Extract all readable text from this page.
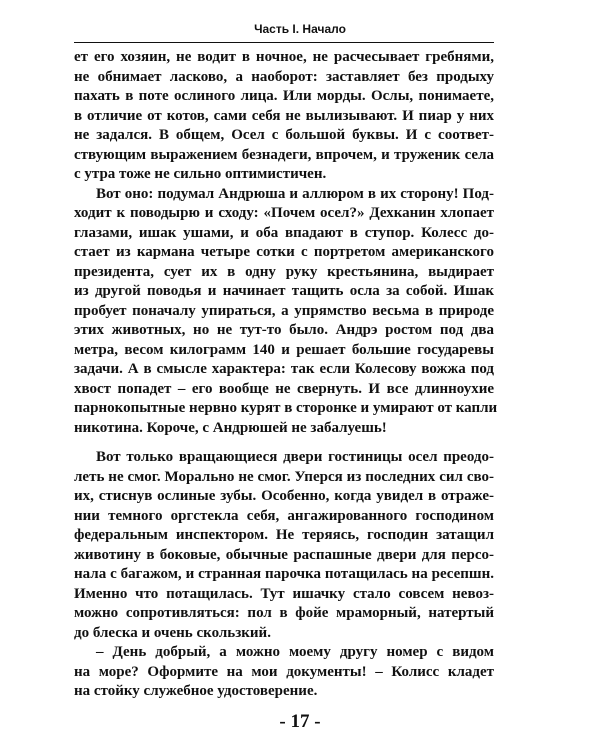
Часть I. Начало
ет его хозяин, не водит в ночное, не расчесывает гребнями,
не обнимает ласково, а наоборот: заставляет без продыху
пахать в поте ослиного лица. Или морды. Ослы, понимаете,
в отличие от котов, сами себя не вылизывают. И пиар у них
не задался. В общем, Осел с большой буквы. И с соответ-
ствующим выражением безнадеги, впрочем, и труженик села
с утра тоже не сильно оптимистичен.
Вот оно: подумал Андрюша и аллюром в их сторону! Под-
ходит к поводырю и сходу: «Почем осел?» Дехканин хлопает
глазами, ишак ушами, и оба впадают в ступор. Колесс до-
стает из кармана четыре сотки с портретом американского
президента, сует их в одну руку крестьянина, выдирает
из другой поводья и начинает тащить осла за собой. Ишак
пробует поначалу упираться, а упрямство весьма в природе
этих животных, но не тут-то было. Андрэ ростом под два
метра, весом килограмм 140 и решает большие государевы
задачи. А в смысле характера: так если Колесову вожжа под
хвост попадет – его вообще не свернуть. И все длинноухие
парнокопытные нервно курят в сторонке и умирают от капли
никотина. Короче, с Андрюшей не забалуешь!
Вот только вращающиеся двери гостиницы осел преодо-
леть не смог. Морально не смог. Уперся из последних сил сво-
их, стиснув ослиные зубы. Особенно, когда увидел в отраже-
нии темного оргстекла себя, ангажированного господином
федеральным инспектором. Не теряясь, господин затащил
животину в боковые, обычные распашные двери для персо-
нала с багажом, и странная парочка потащилась на ресепшн.
Именно что потащилась. Тут ишачку стало совсем невоз-
можно сопротивляться: пол в фойе мраморный, натертый
до блеска и очень скользкий.
– День добрый, а можно моему другу номер с видом
на море? Оформите на мои документы! – Колисс кладет
на стойку служебное удостоверение.
- 17 -
